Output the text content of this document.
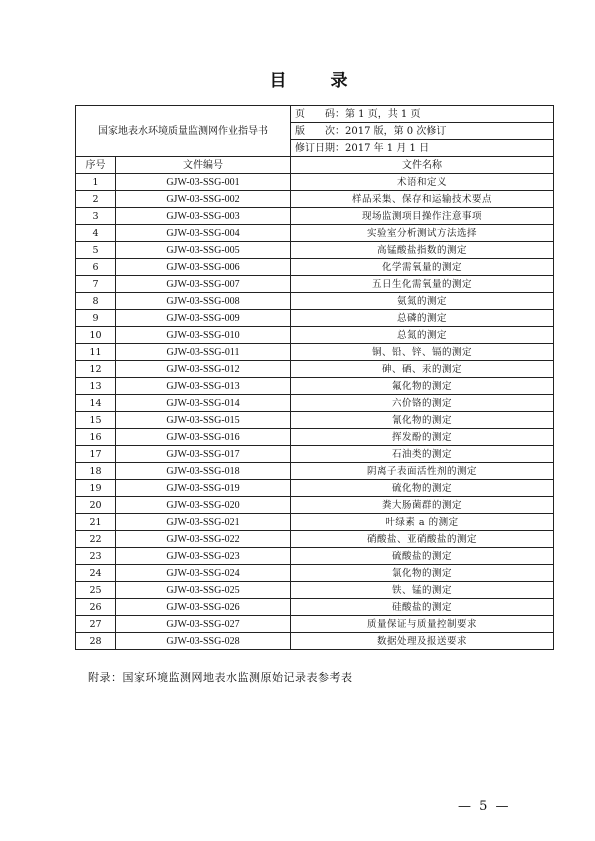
目 录
国家地表水环境质量监测网作业指导书		页　　码：第 1 页，共 1 页
		版　　次：2017 版，第 0 次修订
		修订日期：2017 年 1 月 1 日
序号	文件编号	文件名称
1	GJW-03-SSG-001	术语和定义
2	GJW-03-SSG-002	样品采集、保存和运输技术要点
3	GJW-03-SSG-003	现场监测项目操作注意事项
4	GJW-03-SSG-004	实验室分析测试方法选择
5	GJW-03-SSG-005	高锰酸盐指数的测定
6	GJW-03-SSG-006	化学需氧量的测定
7	GJW-03-SSG-007	五日生化需氧量的测定
8	GJW-03-SSG-008	氨氮的测定
9	GJW-03-SSG-009	总磷的测定
10	GJW-03-SSG-010	总氮的测定
11	GJW-03-SSG-011	铜、铅、锌、镉的测定
12	GJW-03-SSG-012	砷、硒、汞的测定
13	GJW-03-SSG-013	氟化物的测定
14	GJW-03-SSG-014	六价铬的测定
15	GJW-03-SSG-015	氰化物的测定
16	GJW-03-SSG-016	挥发酚的测定
17	GJW-03-SSG-017	石油类的测定
18	GJW-03-SSG-018	阴离子表面活性剂的测定
19	GJW-03-SSG-019	硫化物的测定
20	GJW-03-SSG-020	粪大肠菌群的测定
21	GJW-03-SSG-021	叶绿素 a 的测定
22	GJW-03-SSG-022	硝酸盐、亚硝酸盐的测定
23	GJW-03-SSG-023	硫酸盐的测定
24	GJW-03-SSG-024	氯化物的测定
25	GJW-03-SSG-025	铁、锰的测定
26	GJW-03-SSG-026	硅酸盐的测定
27	GJW-03-SSG-027	质量保证与质量控制要求
28	GJW-03-SSG-028	数据处理及报送要求
附录：国家环境监测网地表水监测原始记录表参考表
— 5 —
